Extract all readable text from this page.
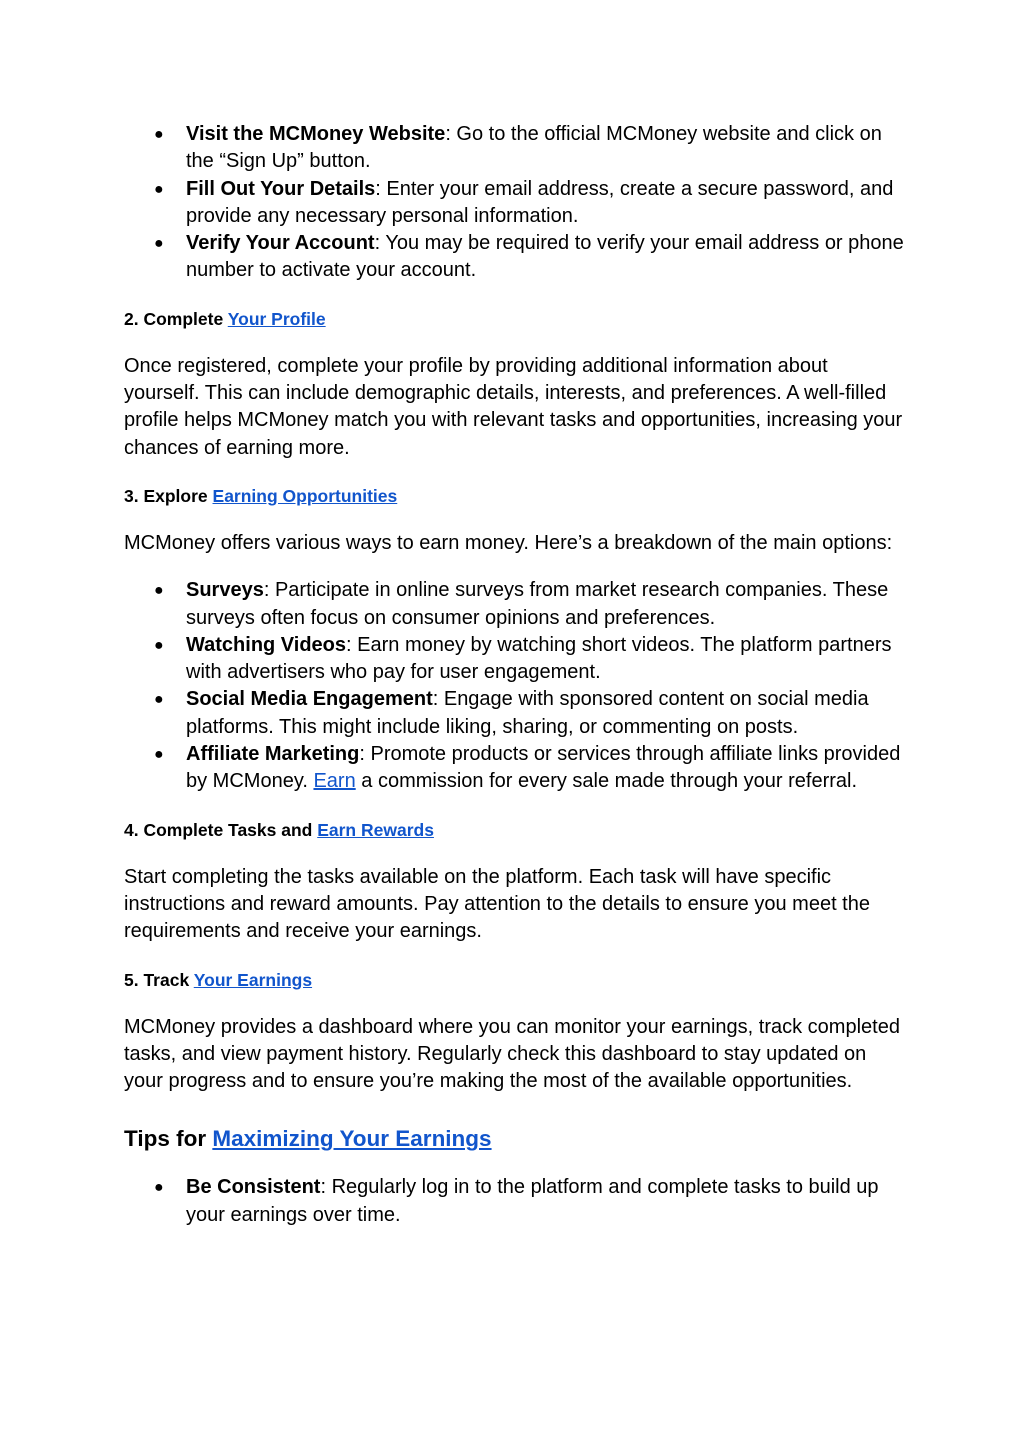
● Visit the MCMoney Website: Go to the official MCMoney website and click on the “Sign Up” button.
● Fill Out Your Details: Enter your email address, create a secure password, and provide any necessary personal information.
● Verify Your Account: You may be required to verify your email address or phone number to activate your account.
2. Complete Your Profile

Once registered, complete your profile by providing additional information about yourself. This can include demographic details, interests, and preferences. A well-filled profile helps MCMoney match you with relevant tasks and opportunities, increasing your chances of earning more.

3. Explore Earning Opportunities

MCMoney offers various ways to earn money. Here’s a breakdown of the main options:

● Surveys: Participate in online surveys from market research companies. These surveys often focus on consumer opinions and preferences.
● Watching Videos: Earn money by watching short videos. The platform partners with advertisers who pay for user engagement.
● Social Media Engagement: Engage with sponsored content on social media platforms. This might include liking, sharing, or commenting on posts.
● Affiliate Marketing: Promote products or services through affiliate links provided by MCMoney. Earn a commission for every sale made through your referral.
4. Complete Tasks and Earn Rewards

Start completing the tasks available on the platform. Each task will have specific instructions and reward amounts. Pay attention to the details to ensure you meet the requirements and receive your earnings.

5. Track Your Earnings

MCMoney provides a dashboard where you can monitor your earnings, track completed tasks, and view payment history. Regularly check this dashboard to stay updated on your progress and to ensure you’re making the most of the available opportunities.

Tips for Maximizing Your Earnings
● Be Consistent: Regularly log in to the platform and complete tasks to build up your earnings over time.
